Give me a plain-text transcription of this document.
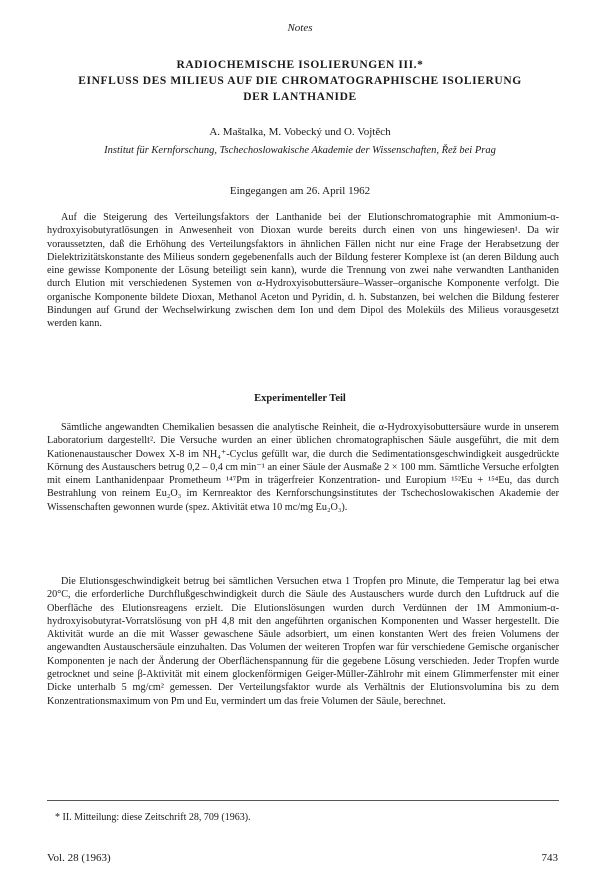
Notes
RADIOCHEMISCHE ISOLIERUNGEN III.*
EINFLUSS DES MILIEUS AUF DIE CHROMATOGRAPHISCHE ISOLIERUNG
DER LANTHANIDE
A. Maštalka, M. Vobecký und O. Vojtěch
Institut für Kernforschung, Tschechoslowakische Akademie der Wissenschaften, Řež bei Prag
Eingegangen am 26. April 1962

Auf die Steigerung des Verteilungsfaktors der Lanthanide bei der Elutionschromatographie mit Ammonium-α-hydroxyisobutyratlösungen in Anwesenheit von Dioxan wurde bereits durch einen von uns hingewiesen¹. Da wir voraussetzten, daß die Erhöhung des Verteilungsfaktors in ähnlichen Fällen nicht nur eine Frage der Herabsetzung der Dielektrizitätskonstante des Milieus sondern gegebenenfalls auch der Bildung festerer Komplexe ist (an deren Bildung auch eine gewisse Komponente der Lösung beteiligt sein kann), wurde die Trennung von zwei nahe verwandten Lanthaniden durch Elution mit verschiedenen Systemen von α-Hydroxyisobuttersäure–Wasser–organische Komponente verfolgt. Die organische Komponente bildete Dioxan, Methanol Aceton und Pyridin, d. h. Substanzen, bei welchen die Bildung festerer Bindungen auf Grund der Wechselwirkung zwischen dem Ion und dem Dipol des Moleküls des Milieus vorausgesetzt werden kann.

Experimenteller Teil

Sämtliche angewandten Chemikalien besassen die analytische Reinheit, die α-Hydroxyisobuttersäure wurde in unserem Laboratorium dargestellt². Die Versuche wurden an einer üblichen chromatographischen Säule ausgeführt, die mit dem Kationenaustauscher Dowex X-8 im NH₄⁺-Cyclus gefüllt war, die durch die Sedimentationsgeschwindigkeit ausgedrückte Körnung des Austauschers betrug 0,2 – 0,4 cm min⁻¹ an einer Säule der Ausmaße 2 × 100 mm. Sämtliche Versuche erfolgten mit einem Lanthanidenpaar Prometheum ¹⁴⁷Pm in trägerfreier Konzentration- und Europium ¹⁵²Eu + ¹⁵⁴Eu, das durch Bestrahlung von reinem Eu₂O₃ im Kernreaktor des Kernforschungsinstitutes der Tschechoslowakischen Akademie der Wissenschaften gewonnen wurde (spez. Aktivität etwa 10 mc/mg Eu₂O₃).

Die Elutionsgeschwindigkeit betrug bei sämtlichen Versuchen etwa 1 Tropfen pro Minute, die Temperatur lag bei etwa 20°C, die erforderliche Durchflußgeschwindigkeit durch die Säule des Austauschers wurde durch den Luftdruck auf die Oberfläche des Elutionsreagens erzielt. Die Elutionslösungen wurden durch Verdünnen der 1M Ammonium-α-hydroxyisobutyrat-Vorratslösung von pH 4,8 mit den angeführten organischen Komponenten und Wasser hergestellt. Die Aktivität wurde an die mit Wasser gewaschene Säule adsorbiert, um einen konstanten Wert des freien Volumens der angewandten Austauschersäule einzuhalten. Das Volumen der weiteren Tropfen war für verschiedene Gemische organischer Komponenten je nach der Änderung der Oberflächenspannung für die gegebene Lösung verschieden. Jeder Tropfen wurde getrocknet und seine β-Aktivität mit einem glockenförmigen Geiger-Müller-Zählrohr mit einem Glimmerfenster mit einer Dicke unterhalb 5 mg/cm² gemessen. Der Verteilungsfaktor wurde als Verhältnis der Elutionsvolumina bis zu dem Konzentrationsmaximum von Pm und Eu, vermindert um das freie Volumen der Säule, berechnet.

* II. Mitteilung: diese Zeitschrift 28, 709 (1963).
Vol. 28 (1963)	743
